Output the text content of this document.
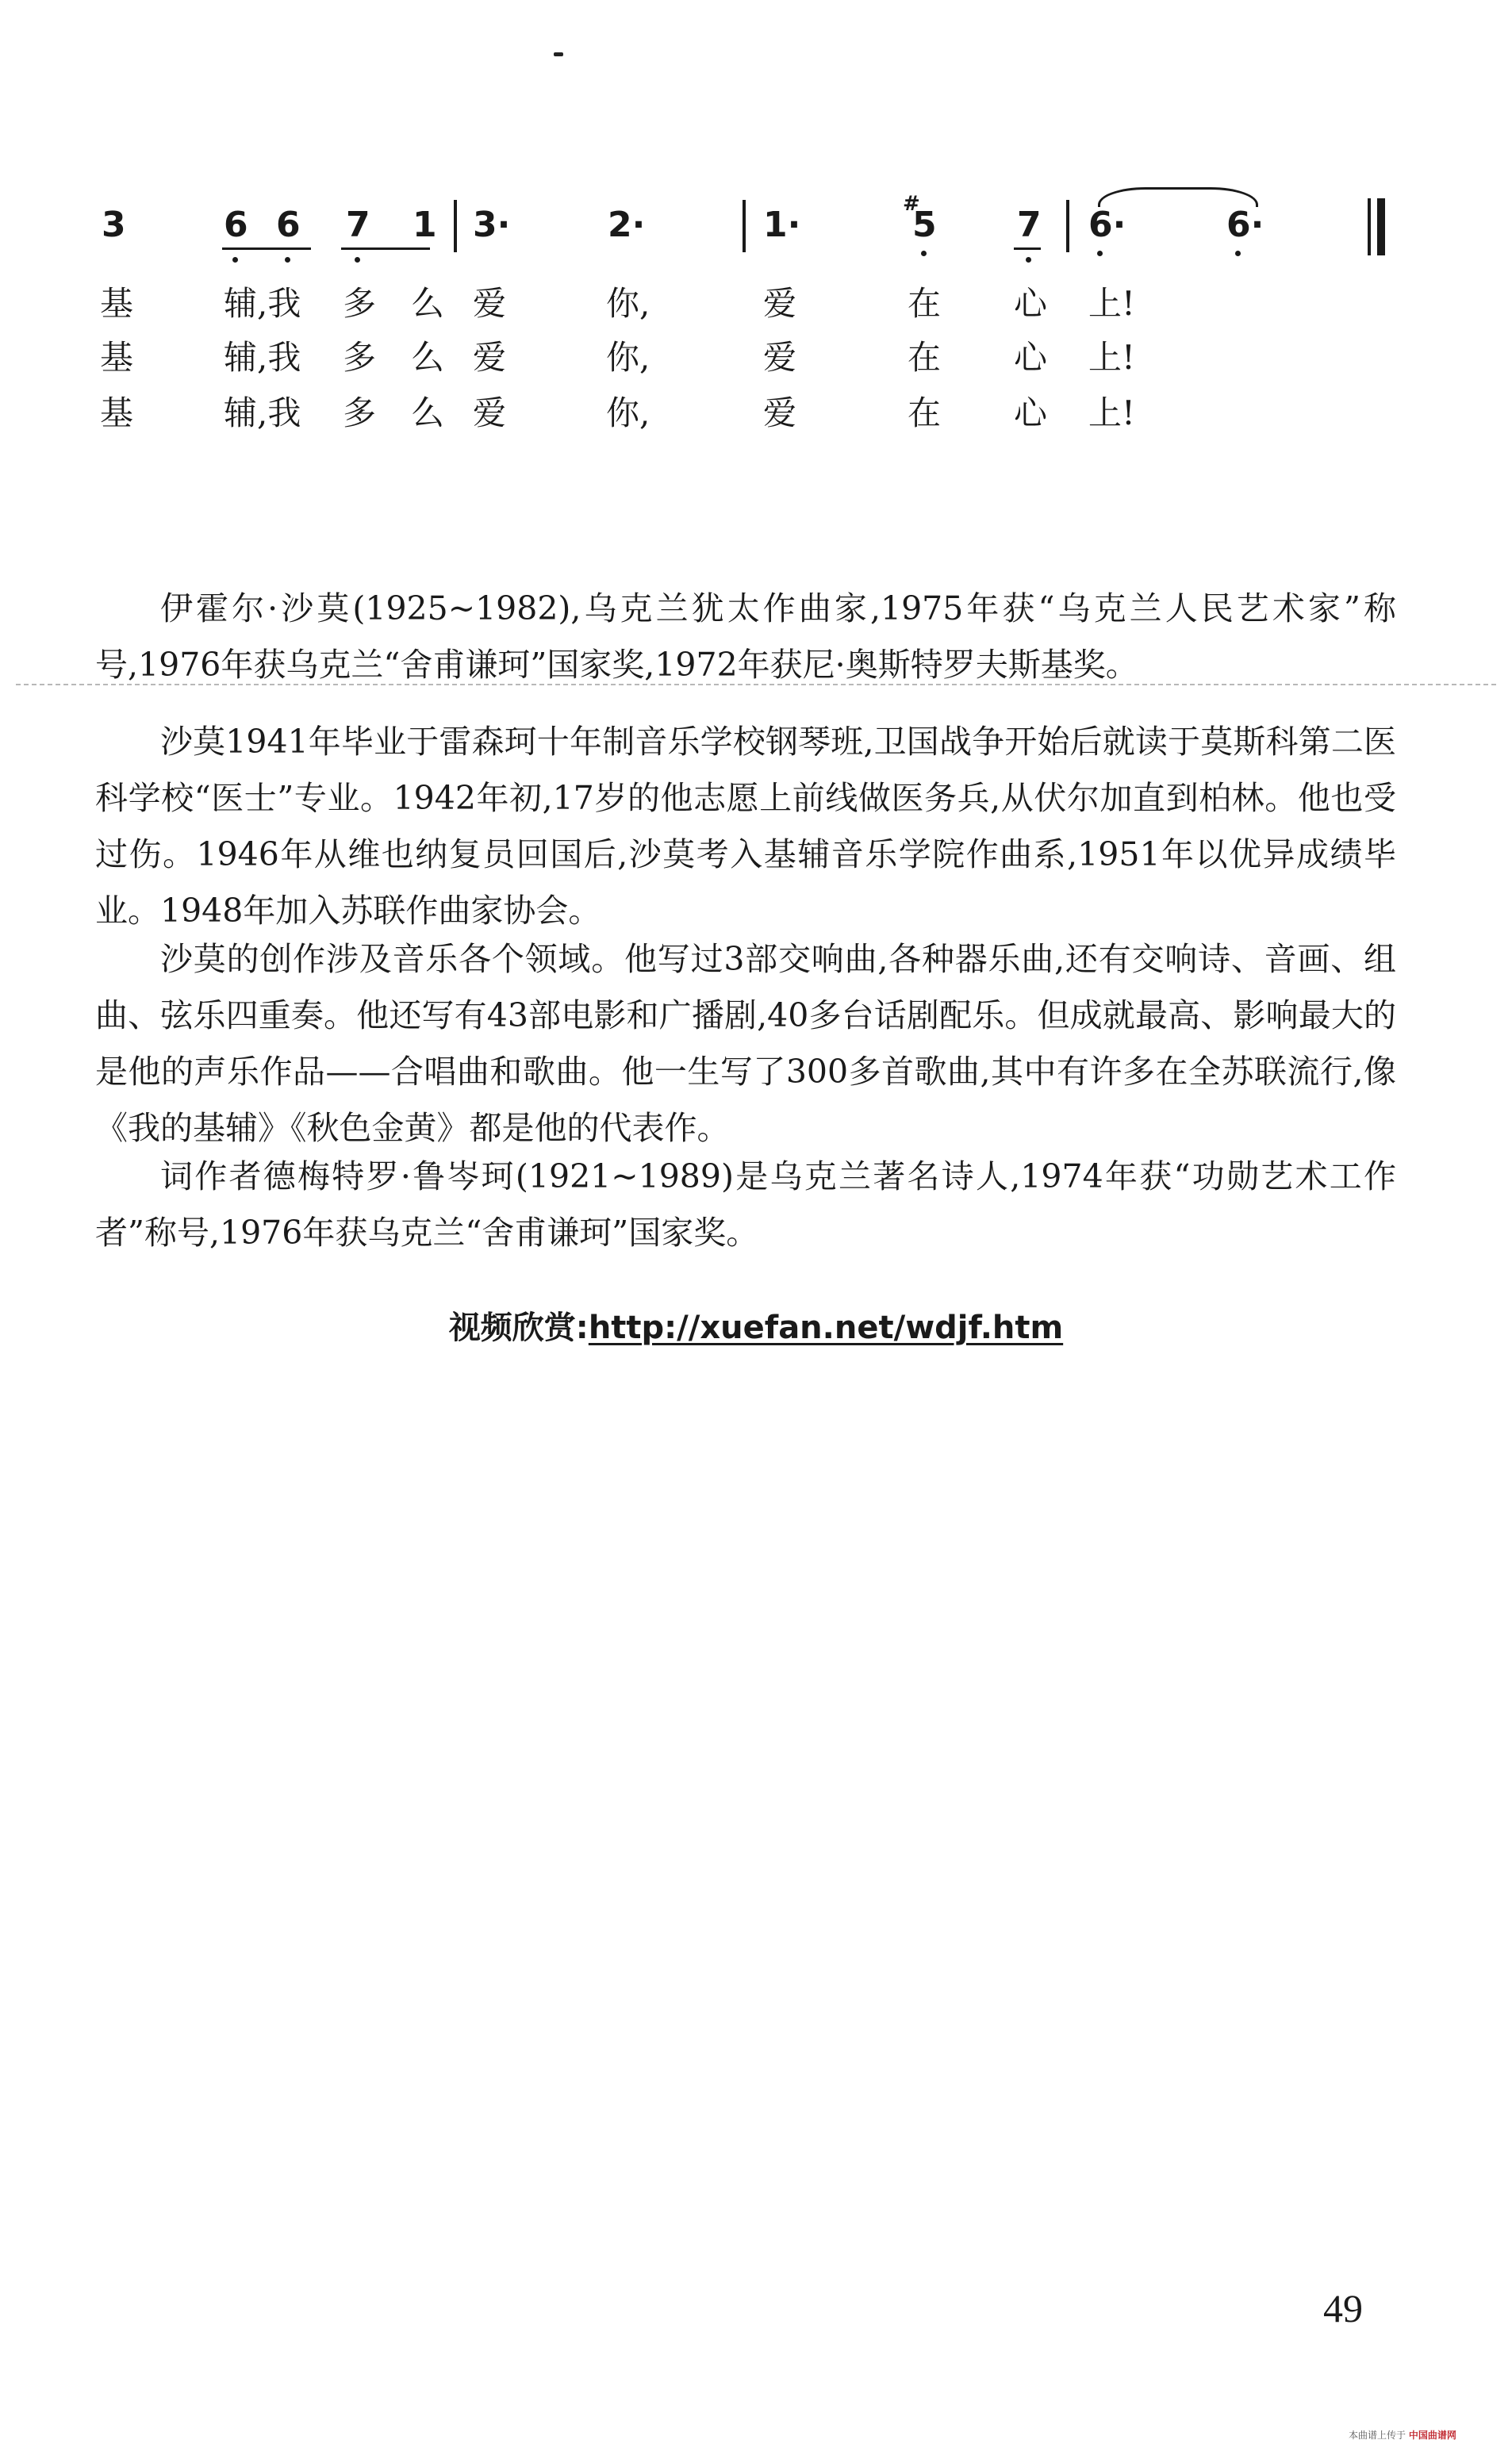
3	6 6 7 1 3·	2·	1·	5 7 6·	6·
#
基	辅,我 多 么 爱	你,	爱	在 心 上!
基	辅,我 多 么 爱	你,	爱	在 心 上!
基	辅,我 多 么 爱	你,	爱	在 心 上!

伊霍尔·沙莫(1925~1982),乌克兰犹太作曲家,1975年获“乌克兰人民艺术家”称号,1976年获乌克兰“舍甫谦珂”国家奖,1972年获尼·奥斯特罗夫斯基奖。

沙莫1941年毕业于雷森珂十年制音乐学校钢琴班,卫国战争开始后就读于莫斯科第二医科学校“医士”专业。1942年初,17岁的他志愿上前线做医务兵,从伏尔加直到柏林。他也受过伤。1946年从维也纳复员回国后,沙莫考入基辅音乐学院作曲系,1951年以优异成绩毕业。1948年加入苏联作曲家协会。

沙莫的创作涉及音乐各个领域。他写过3部交响曲,各种器乐曲,还有交响诗、音画、组曲、弦乐四重奏。他还写有43部电影和广播剧,40多台话剧配乐。但成就最高、影响最大的是他的声乐作品——合唱曲和歌曲。他一生写了300多首歌曲,其中有许多在全苏联流行,像《我的基辅》《秋色金黄》都是他的代表作。

词作者德梅特罗·鲁岑珂(1921~1989)是乌克兰著名诗人,1974年获“功勋艺术工作者”称号,1976年获乌克兰“舍甫谦珂”国家奖。

视频欣赏:http://xuefan.net/wdjf.htm
49
本曲谱上传于 中国曲谱网
